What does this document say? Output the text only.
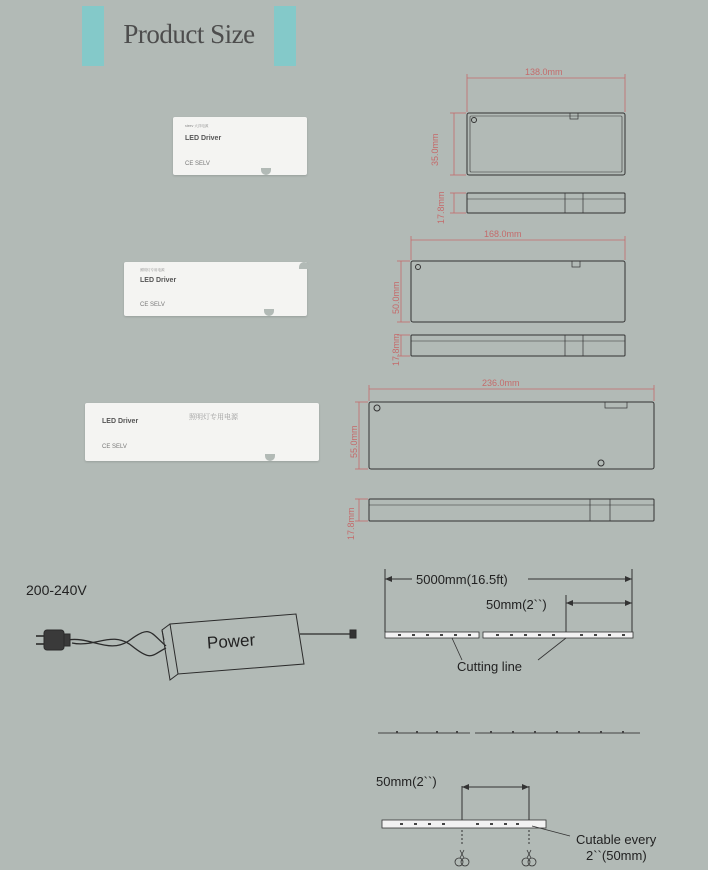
Product Size
steev 大洋电源
LED Driver
CE SELV
照明灯专用电源
LED Driver
CE SELV
LED Driver
照明灯专用电源
CE SELV
138.0mm
35.0mm
17.8mm
168.0mm
50.0mm
17.8mm
236.0mm
55.0mm
17.8mm
200-240V
Power
5000mm(16.5ft)
50mm(2``)
Cutting line
50mm(2``)
Cutable every
2``(50mm)
